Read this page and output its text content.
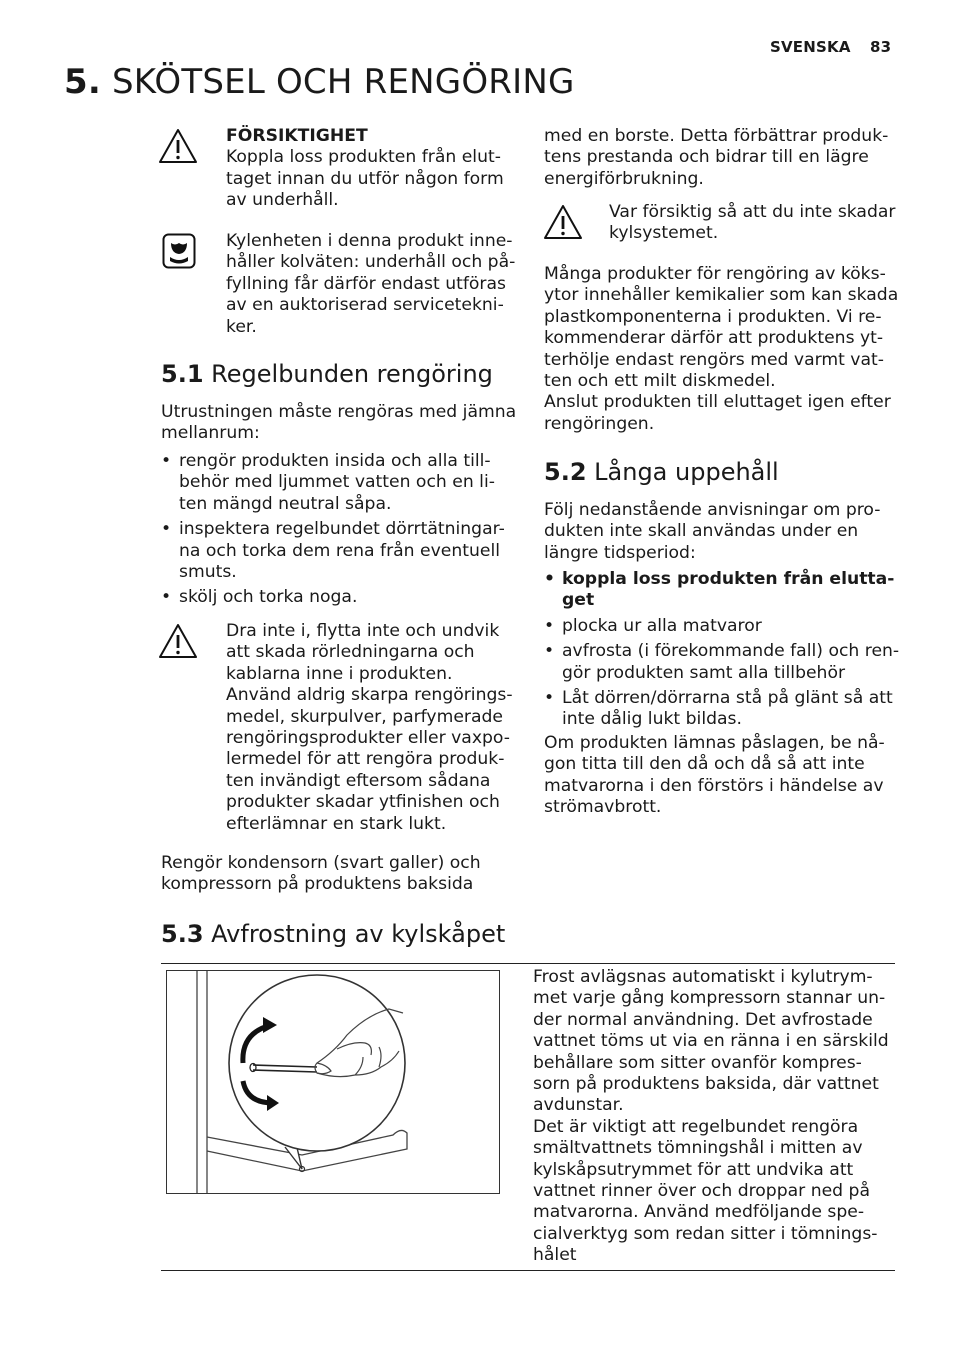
SVENSKA 83
5. SKÖTSEL OCH RENGÖRING

FÖRSIKTIGHET

Koppla loss produkten från elut-

taget innan du utför någon form

av underhåll.

Kylenheten i denna produkt inne-

håller kolväten: underhåll och på-

fyllning får därför endast utföras

av en auktoriserad servicetekni-

ker.

5.1 Regelbunden rengöring

Utrustningen måste rengöras med jämna

mellanrum:

• rengör produkten insida och alla till-
behör med ljummet vatten och en li-
ten mängd neutral såpa.
• inspektera regelbundet dörrtätningar-
na och torka dem rena från eventuell
smuts.
• skölj och torka noga.

Dra inte i, flytta inte och undvik

att skada rörledningarna och

kablarna inne i produkten.

Använd aldrig skarpa rengörings-

medel, skurpulver, parfymerade

rengöringsprodukter eller vaxpo-

lermedel för att rengöra produk-

ten invändigt eftersom sådana

produkter skadar ytfinishen och

efterlämnar en stark lukt.

Rengör kondensorn (svart galler) och

kompressorn på produktens baksida

med en borste. Detta förbättrar produk-

tens prestanda och bidrar till en lägre

energiförbrukning.

Var försiktig så att du inte skadar

kylsystemet.

Många produkter för rengöring av köks-

ytor innehåller kemikalier som kan skada

plastkomponenterna i produkten. Vi re-

kommenderar därför att produktens yt-

terhölje endast rengörs med varmt vat-

ten och ett milt diskmedel.

Anslut produkten till eluttaget igen efter

rengöringen.

5.2 Långa uppehåll

Följ nedanstående anvisningar om pro-

dukten inte skall användas under en

längre tidsperiod:

• koppla loss produkten från elutta-
get
• plocka ur alla matvaror
• avfrosta (i förekommande fall) och ren-
gör produkten samt alla tillbehör
• Låt dörren/dörrarna stå på glänt så att
inte dålig lukt bildas.

Om produkten lämnas påslagen, be nå-

gon titta till den då och då så att inte

matvarorna i den förstörs i händelse av

strömavbrott.

5.3 Avfrostning av kylskåpet

Frost avlägsnas automatiskt i kylutrym-

met varje gång kompressorn stannar un-

der normal användning. Det avfrostade

vattnet töms ut via en ränna i en särskild

behållare som sitter ovanför kompres-

sorn på produktens baksida, där vattnet

avdunstar.

Det är viktigt att regelbundet rengöra

smältvattnets tömningshål i mitten av

kylskåpsutrymmet för att undvika att

vattnet rinner över och droppar ned på

matvarorna. Använd medföljande spe-

cialverktyg som redan sitter i tömnings-

hålet
